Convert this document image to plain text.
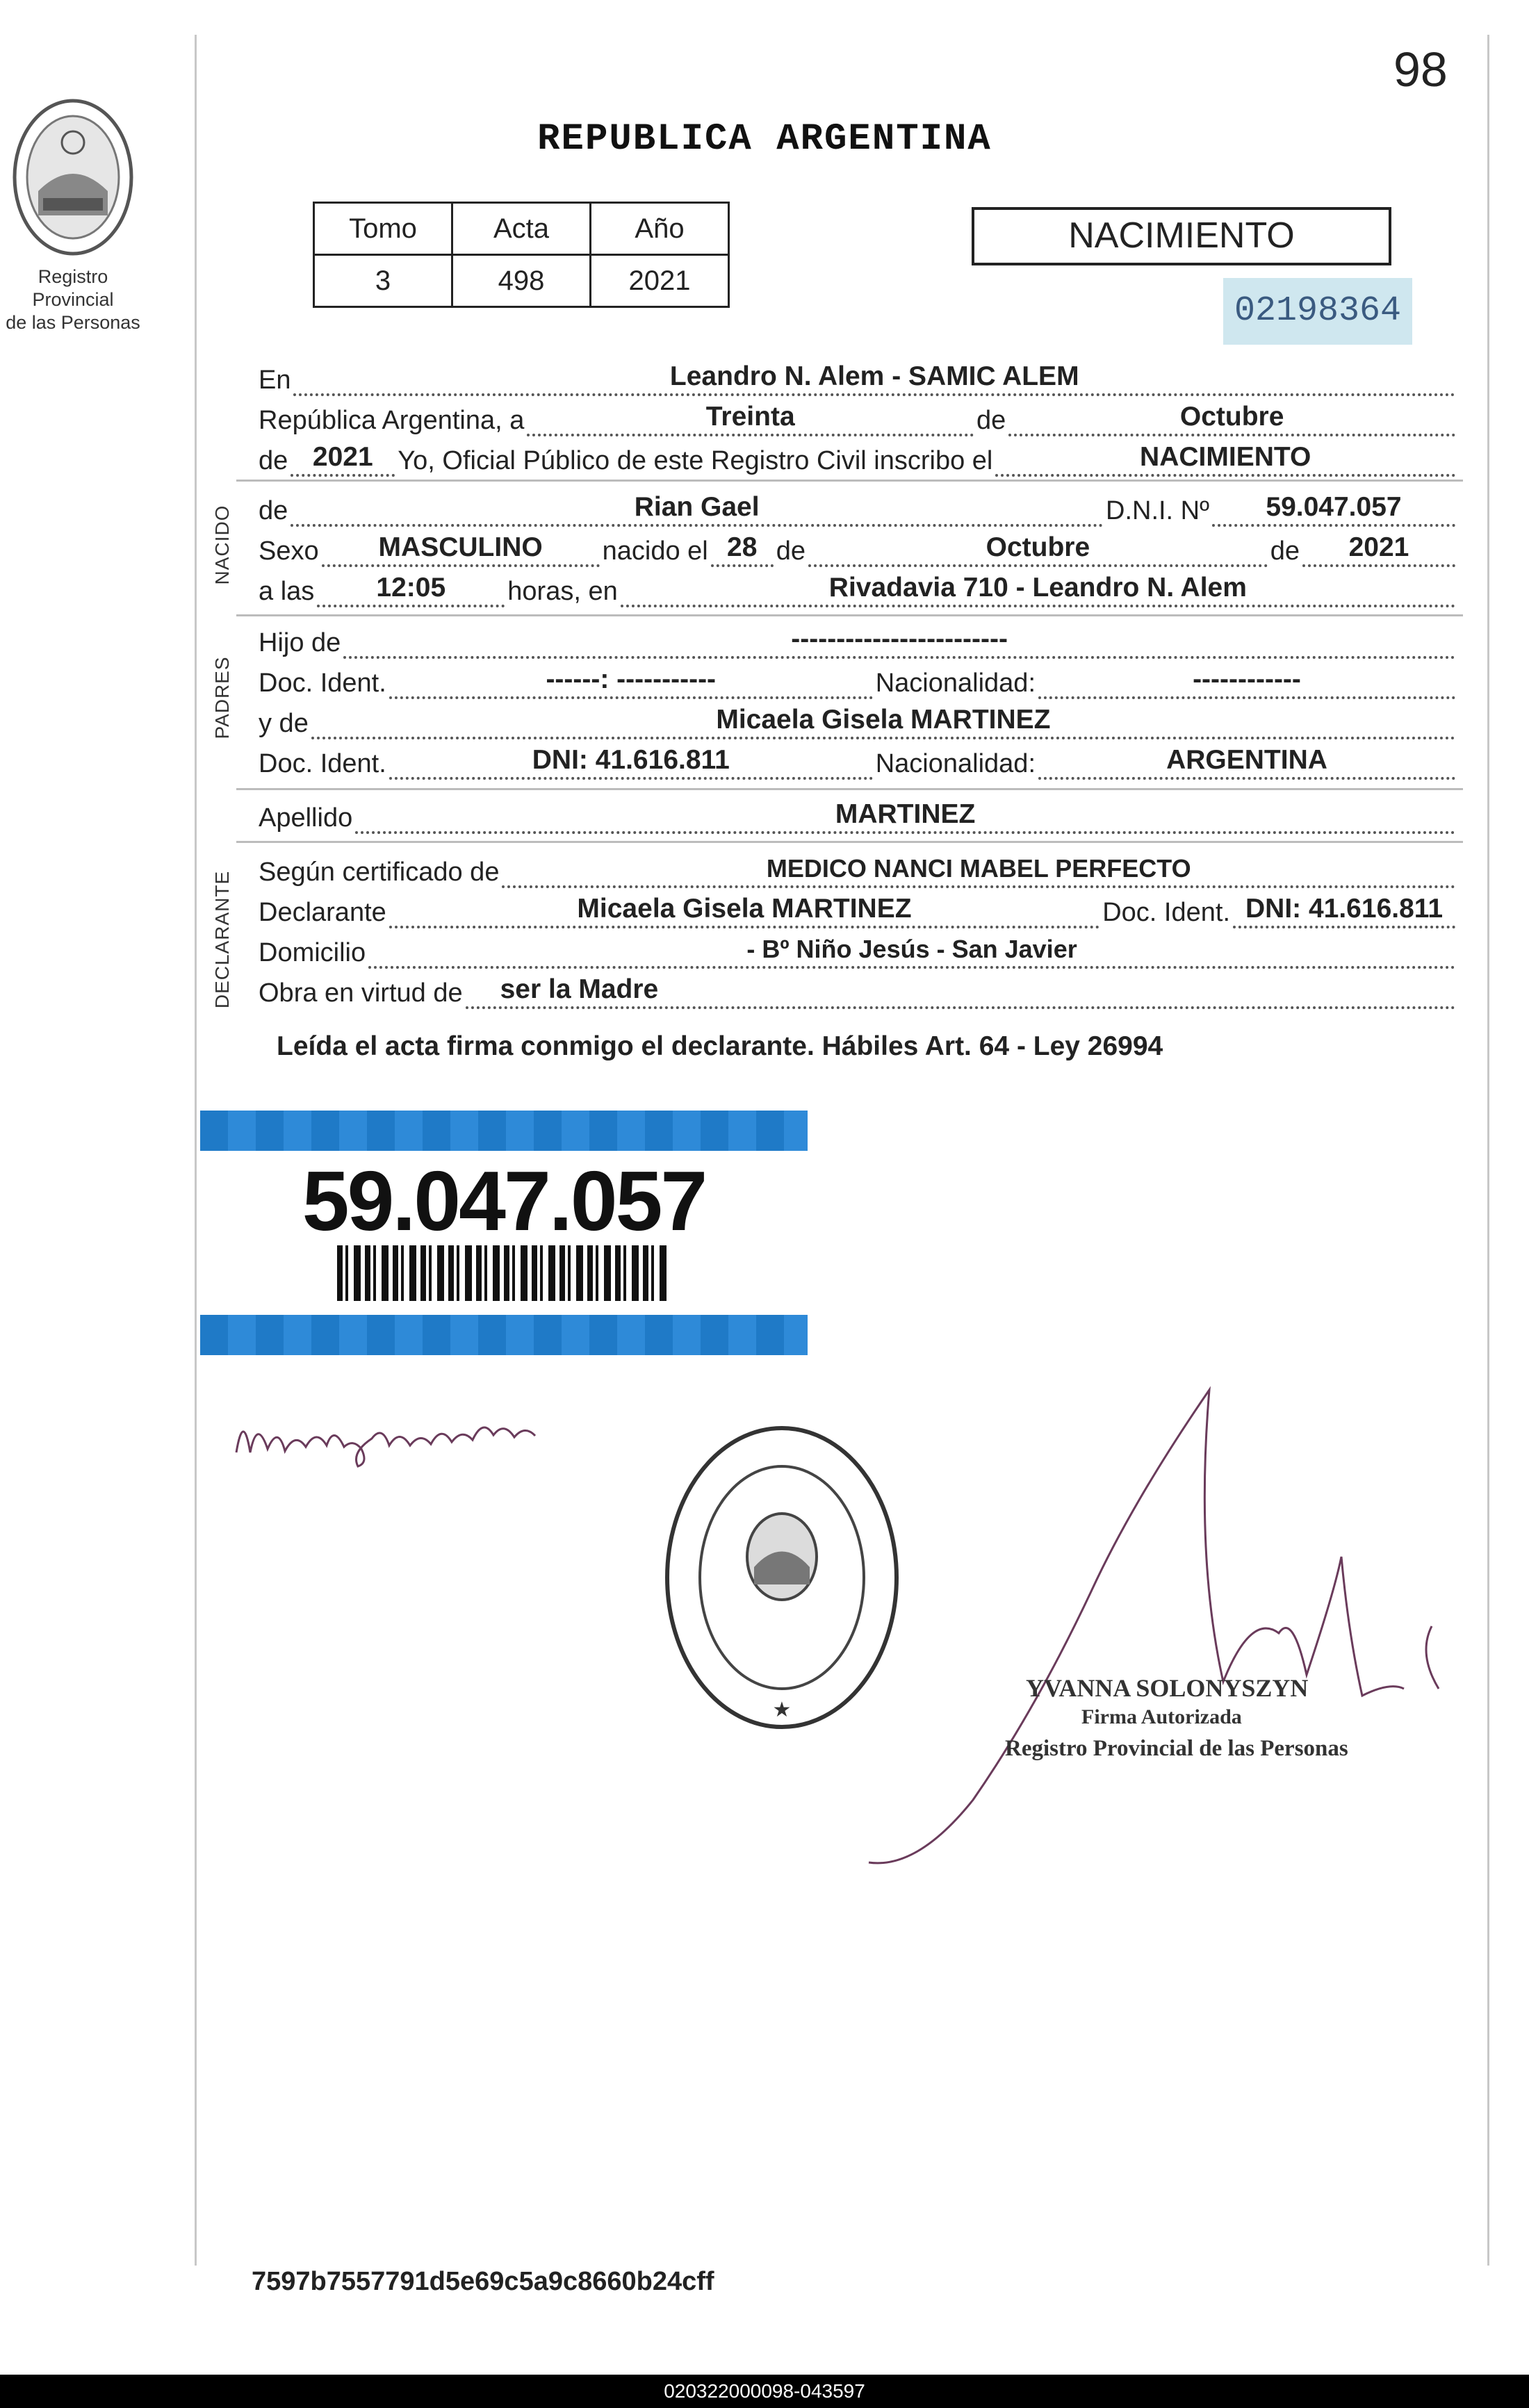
Registro Provincial
de las Personas
98
REPUBLICA ARGENTINA
Tomo	Acta	Año
3	498	2021
NACIMIENTO
02198364
En	Leandro N. Alem - SAMIC ALEM
República Argentina, a	Treinta	de	Octubre
de 2021 Yo, Oficial Público de este Registro Civil inscribo el	NACIMIENTO
NACIDO de	Rian Gael	D.N.I. Nº	59.047.057
Sexo	MASCULINO	nacido el 28 de	Octubre	de	2021
a las	12:05	horas, en	Rivadavia 710 - Leandro N. Alem
PADRES
Hijo de	------------------------
Doc. Ident.	------: -----------	Nacionalidad:	------------
y de	Micaela Gisela MARTINEZ
Doc. Ident.	DNI: 41.616.811	Nacionalidad:	ARGENTINA
Apellido	MARTINEZ
DECLARANTE Según certificado de	MEDICO NANCI MABEL PERFECTO
Declarante	Micaela Gisela MARTINEZ	Doc. Ident. DNI: 41.616.811
Domicilio	- Bº Niño Jesús - San Javier
Obra en virtud de	ser la Madre
Leída el acta firma conmigo el declarante. Hábiles Art. 64 - Ley 26994
59.047.057
★
YVANNA SOLONYSZYN
Firma Autorizada
Registro Provincial de las Personas
7597b7557791d5e69c5a9c8660b24cff
020322000098-043597
